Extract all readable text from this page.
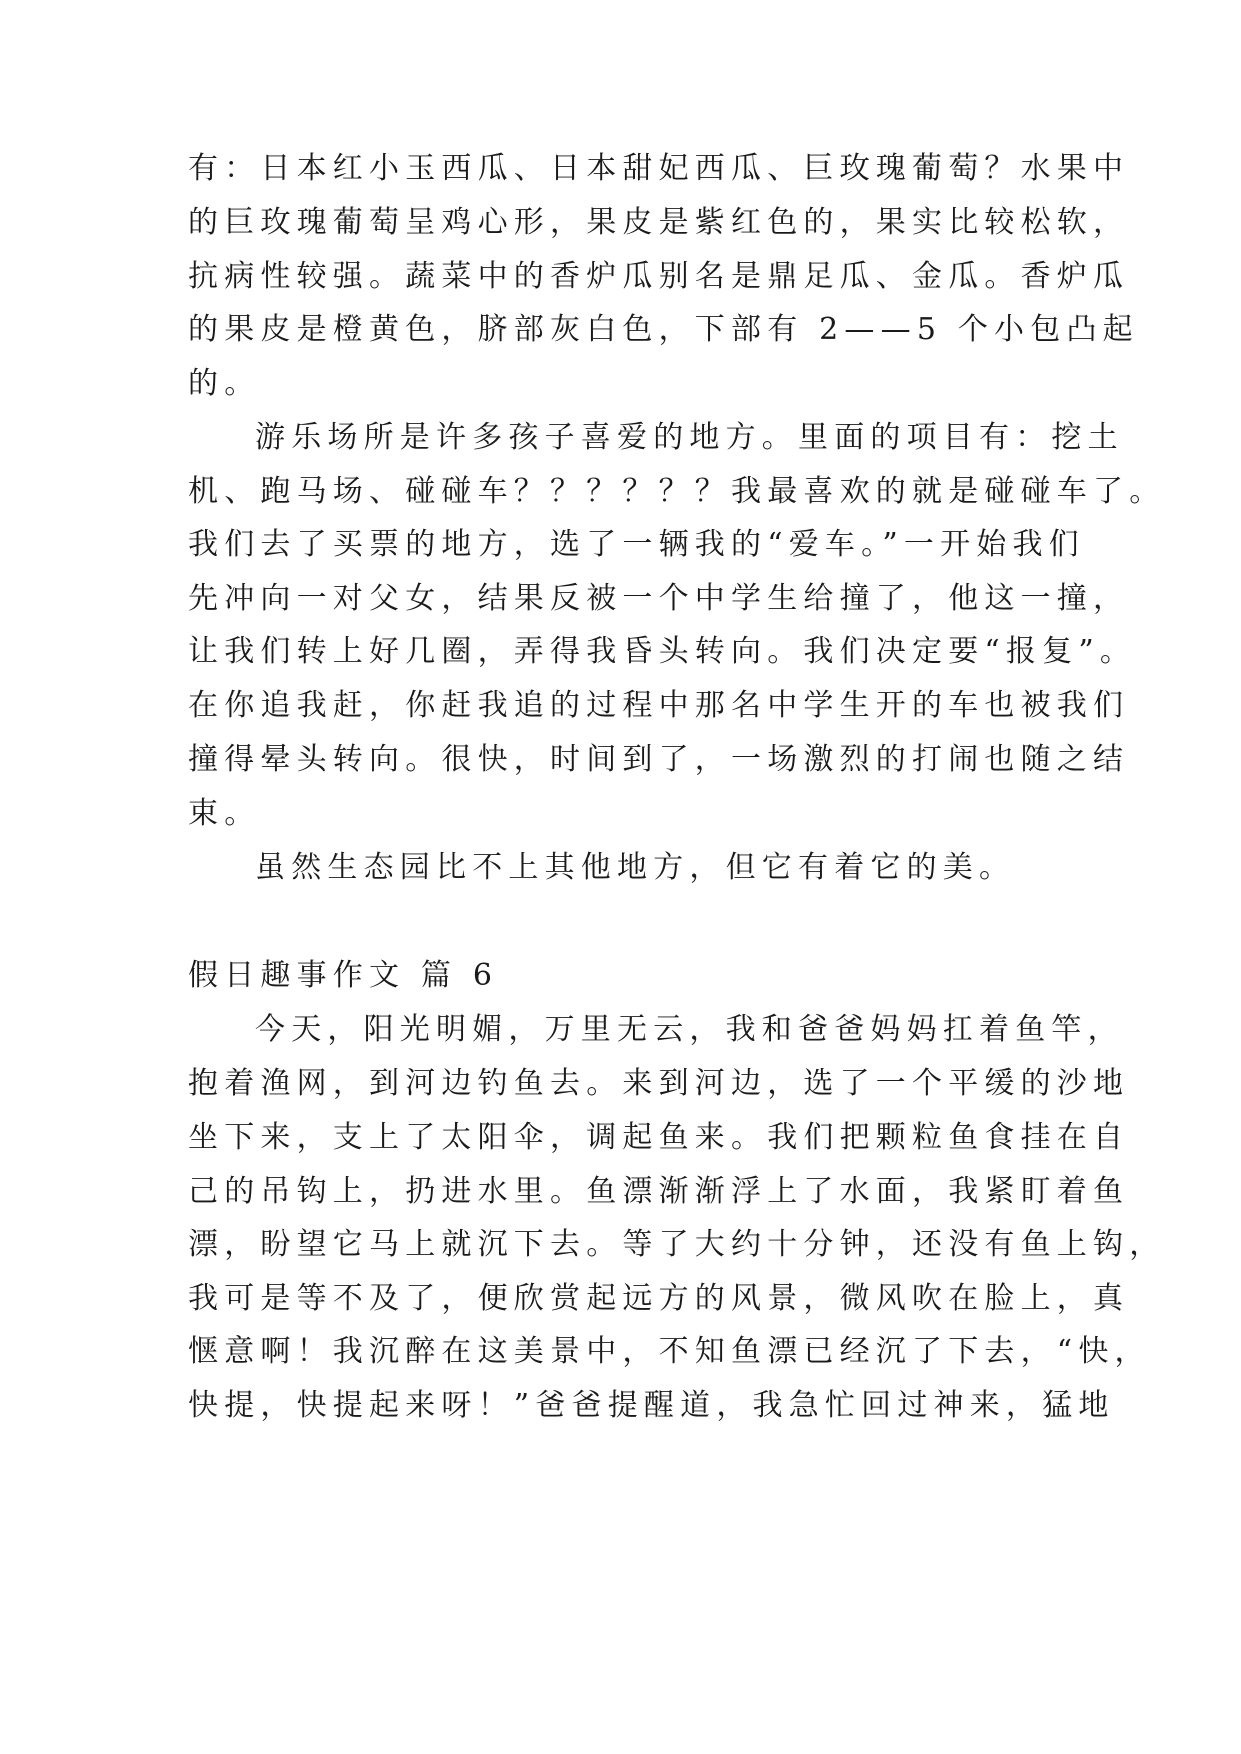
有：日本红小玉西瓜、日本甜妃西瓜、巨玫瑰葡萄？水果中
的巨玫瑰葡萄呈鸡心形，果皮是紫红色的，果实比较松软，
抗病性较强。蔬菜中的香炉瓜别名是鼎足瓜、金瓜。香炉瓜
的果皮是橙黄色，脐部灰白色，下部有 2——5 个小包凸起
的。
游乐场所是许多孩子喜爱的地方。里面的项目有：挖土
机、跑马场、碰碰车？？？？？？我最喜欢的就是碰碰车了。
我们去了买票的地方，选了一辆我的“爱车。”一开始我们
先冲向一对父女，结果反被一个中学生给撞了，他这一撞，
让我们转上好几圈，弄得我昏头转向。我们决定要“报复”。
在你追我赶，你赶我追的过程中那名中学生开的车也被我们
撞得晕头转向。很快，时间到了，一场激烈的打闹也随之结
束。
虽然生态园比不上其他地方，但它有着它的美。
假日趣事作文 篇 6
今天，阳光明媚，万里无云，我和爸爸妈妈扛着鱼竿，
抱着渔网，到河边钓鱼去。来到河边，选了一个平缓的沙地
坐下来，支上了太阳伞，调起鱼来。我们把颗粒鱼食挂在自
己的吊钩上，扔进水里。鱼漂渐渐浮上了水面，我紧盯着鱼
漂，盼望它马上就沉下去。等了大约十分钟，还没有鱼上钩，
我可是等不及了，便欣赏起远方的风景，微风吹在脸上，真
惬意啊！我沉醉在这美景中，不知鱼漂已经沉了下去，“快，
快提，快提起来呀！”爸爸提醒道，我急忙回过神来，猛地
